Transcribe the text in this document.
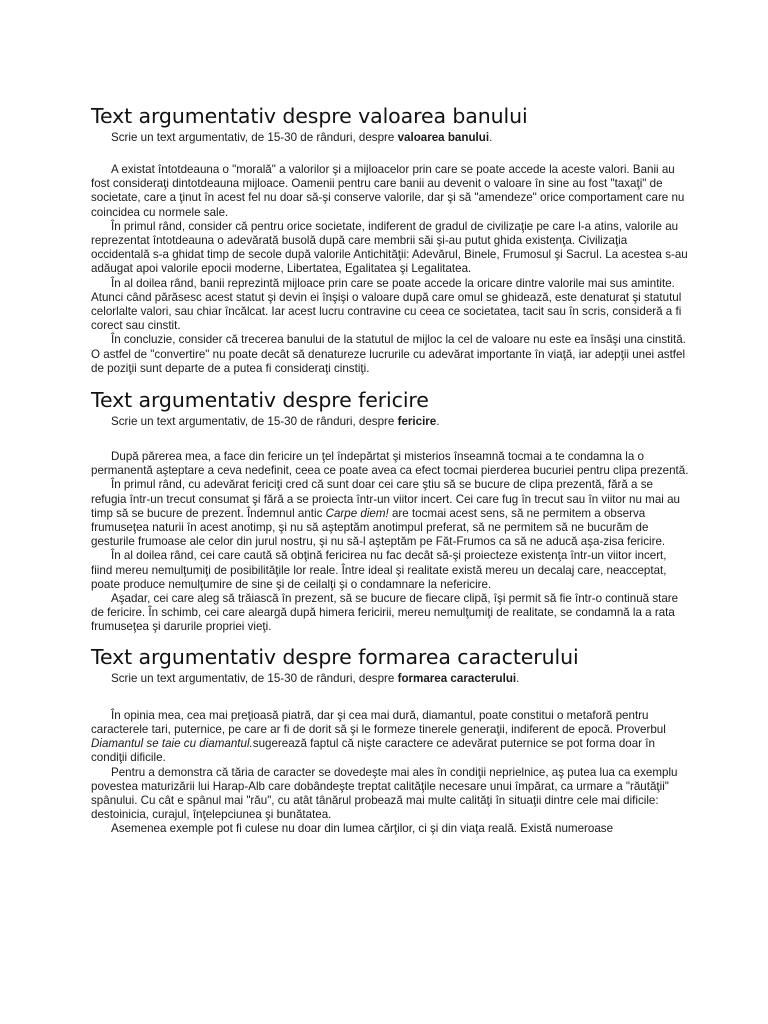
Text argumentativ despre valoarea banului

Scrie un text argumentativ, de 15-30 de rânduri, despre valoarea banului.

A existat întotdeauna o "morală" a valorilor şi a mijloacelor prin care se poate accede la aceste valori. Banii au fost consideraţi dintotdeauna mijloace. Oamenii pentru care banii au devenit o valoare în sine au fost "taxaţi" de societate, care a ţinut în acest fel nu doar să-şi conserve valorile, dar şi să "amendeze" orice comportament care nu coincidea cu normele sale.

În primul rând, consider că pentru orice societate, indiferent de gradul de civilizaţie pe care l-a atins, valorile au reprezentat întotdeauna o adevărată busolă după care membrii săi şi-au putut ghida existenţa. Civilizaţia occidentală s-a ghidat timp de secole după valorile Antichităţii: Adevărul, Binele, Frumosul şi Sacrul. La acestea s-au adăugat apoi valorile epocii moderne, Libertatea, Egalitatea şi Legalitatea.

În al doilea rând, banii reprezintă mijloace prin care se poate accede la oricare dintre valorile mai sus amintite. Atunci când părăsesc acest statut şi devin ei înşişi o valoare după care omul se ghidează, este denaturat şi statutul celorlalte valori, sau chiar încălcat. Iar acest lucru contravine cu ceea ce societatea, tacit sau în scris, consideră a fi corect sau cinstit.

În concluzie, consider că trecerea banului de la statutul de mijloc la cel de valoare nu este ea însăşi una cinstită. O astfel de "convertire" nu poate decât să denatureze lucrurile cu adevărat importante în viaţă, iar adepţii unei astfel de poziţii sunt departe de a putea fi consideraţi cinstiţi.

Text argumentativ despre fericire

Scrie un text argumentativ, de 15-30 de rânduri, despre fericire.

După părerea mea, a face din fericire un ţel îndepărtat şi misterios înseamnă tocmai a te condamna la o permanentă aşteptare a ceva nedefinit, ceea ce poate avea ca efect tocmai pierderea bucuriei pentru clipa prezentă.

În primul rând, cu adevărat fericiţi cred că sunt doar cei care ştiu să se bucure de clipa prezentă, fără a se refugia într-un trecut consumat şi fără a se proiecta într-un viitor incert. Cei care fug în trecut sau în viitor nu mai au timp să se bucure de prezent. Îndemnul antic Carpe diem! are tocmai acest sens, să ne permitem a observa frumuseţea naturii în acest anotimp, şi nu să aşteptăm anotimpul preferat, să ne permitem să ne bucurăm de gesturile frumoase ale celor din jurul nostru, şi nu să-l aşteptăm pe Făt-Frumos ca să ne aducă aşa-zisa fericire.

În al doilea rând, cei care caută să obţină fericirea nu fac decât să-şi proiecteze existenţa într-un viitor incert, fiind mereu nemulţumiţi de posibilităţile lor reale. Între ideal şi realitate există mereu un decalaj care, neacceptat, poate produce nemulţumire de sine şi de ceilalţi şi o condamnare la nefericire.

Aşadar, cei care aleg să trăiască în prezent, să se bucure de fiecare clipă, îşi permit să fie într-o continuă stare de fericire. În schimb, cei care aleargă după himera fericirii, mereu nemulţumiţi de realitate, se condamnă la a rata frumuseţea şi darurile propriei vieţi.

Text argumentativ despre formarea caracterului

Scrie un text argumentativ, de 15-30 de rânduri, despre formarea caracterului.

În opinia mea, cea mai preţioasă piatră, dar şi cea mai dură, diamantul, poate constitui o metaforă pentru caracterele tari, puternice, pe care ar fi de dorit să şi le formeze tinerele generaţii, indiferent de epocă. Proverbul Diamantul se taie cu diamantul.sugerează faptul că nişte caractere ce adevărat puternice se pot forma doar în condiţii dificile.

Pentru a demonstra că tăria de caracter se dovedeşte mai ales în condiţii neprielnice, aş putea lua ca exemplu povestea maturizării lui Harap-Alb care dobândeşte treptat calităţile necesare unui împărat, ca urmare a "răutăţii" spânului. Cu cât e spânul mai "rău", cu atât tânărul probează mai multe calităţi în situaţii dintre cele mai dificile: destoinicia, curajul, înţelepciunea şi bunătatea.

Asemenea exemple pot fi culese nu doar din lumea cărţilor, ci şi din viaţa reală. Există numeroase
